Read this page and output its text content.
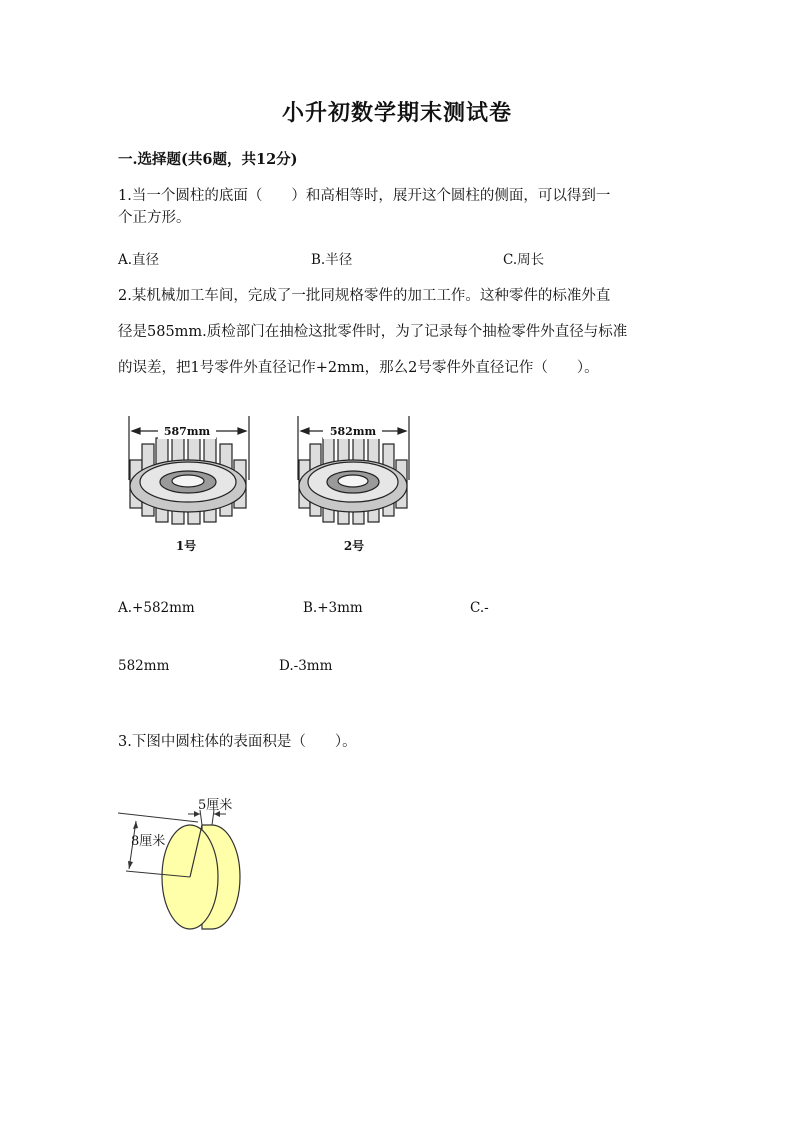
小升初数学期末测试卷
一.选择题(共6题，共12分)
1.当一个圆柱的底面（　　）和高相等时，展开这个圆柱的侧面，可以得到一
个正方形。
A.直径	B.半径	C.周长
2.某机械加工车间，完成了一批同规格零件的加工工作。这种零件的标准外直
径是585mm.质检部门在抽检这批零件时，为了记录每个抽检零件外直径与标准
的误差，把1号零件外直径记作+2mm，那么2号零件外直径记作（　　）。
587mm
1号
582mm
2号
A.+582mm	B.+3mm	C.-
582mm	D.-3mm
3.下图中圆柱体的表面积是（　　）。
5厘米
8厘米
